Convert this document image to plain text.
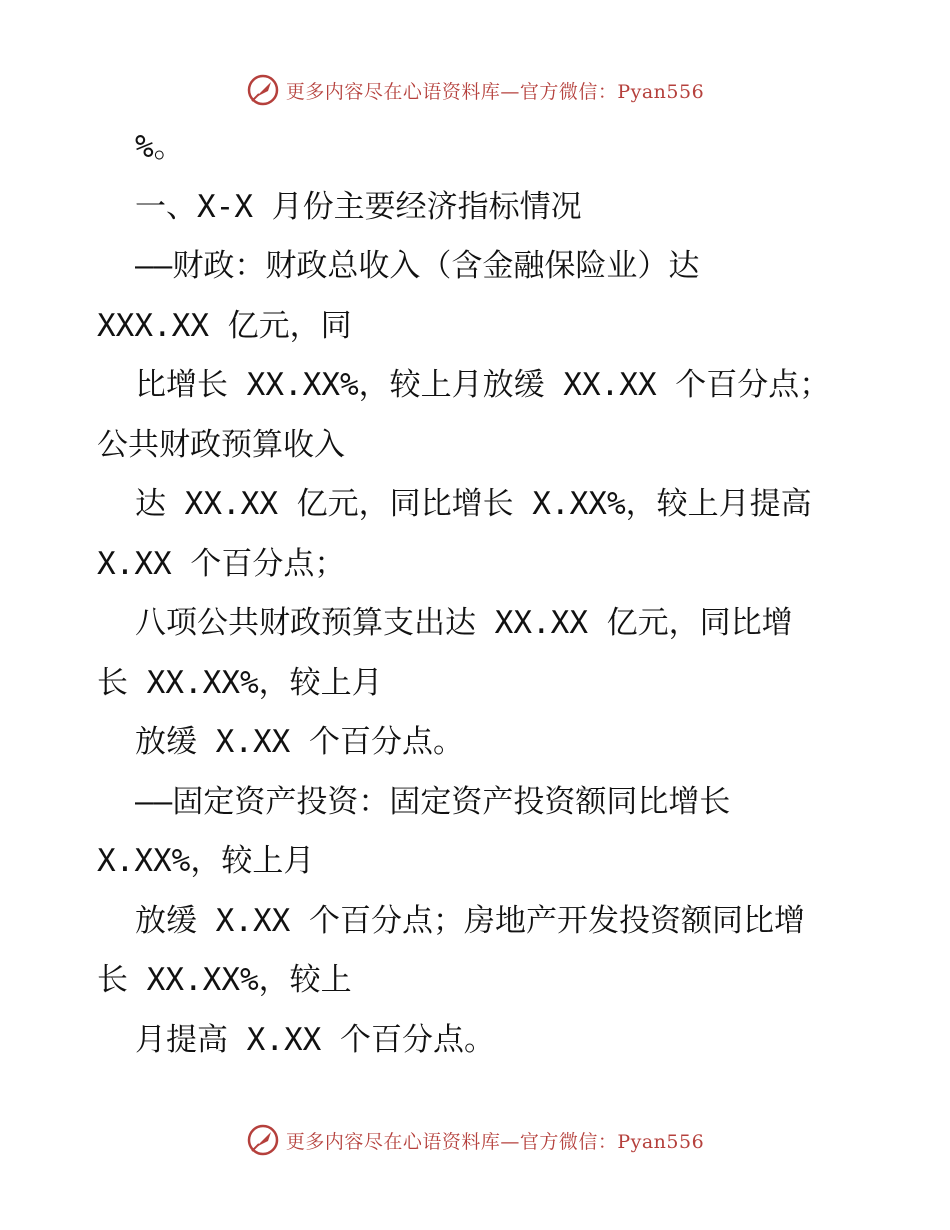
更多内容尽在心语资料库—官方微信：Pyan556
%。
一、X-X 月份主要经济指标情况
——财政：财政总收入（含金融保险业）达
XXX.XX 亿元，同
比增长 XX.XX%，较上月放缓 XX.XX 个百分点；
公共财政预算收入
达 XX.XX 亿元，同比增长 X.XX%，较上月提高
X.XX 个百分点；
八项公共财政预算支出达 XX.XX 亿元，同比增
长 XX.XX%，较上月
放缓 X.XX 个百分点。
——固定资产投资：固定资产投资额同比增长
X.XX%，较上月
放缓 X.XX 个百分点；房地产开发投资额同比增
长 XX.XX%，较上
月提高 X.XX 个百分点。
更多内容尽在心语资料库—官方微信：Pyan556
